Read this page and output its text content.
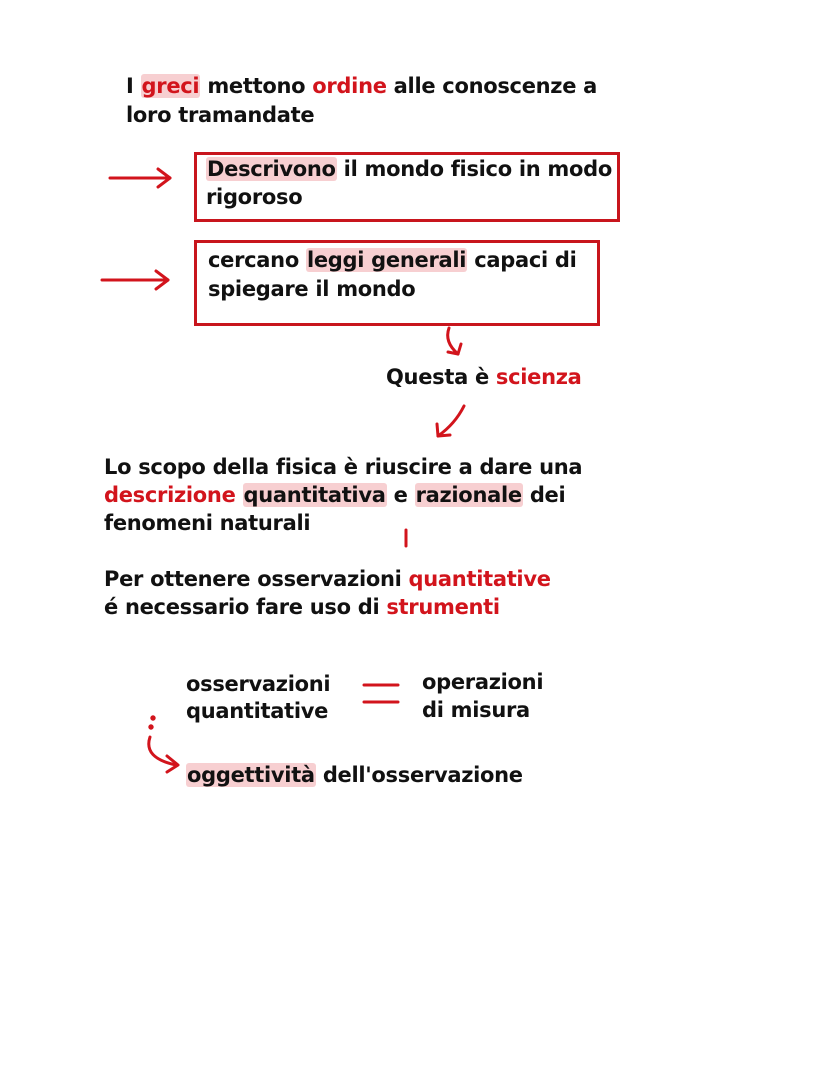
I greci mettono ordine alle conoscenze a
loro tramandate
Descrivono il mondo fisico in modo
rigoroso
cercano leggi generali capaci di
spiegare il mondo
Questa è scienza
Lo scopo della fisica è riuscire a dare una
descrizione quantitativa e razionale dei
fenomeni naturali
Per ottenere osservazioni quantitative
é necessario fare uso di strumenti
osservazioni
quantitative
operazioni
di misura
oggettività dell'osservazione
